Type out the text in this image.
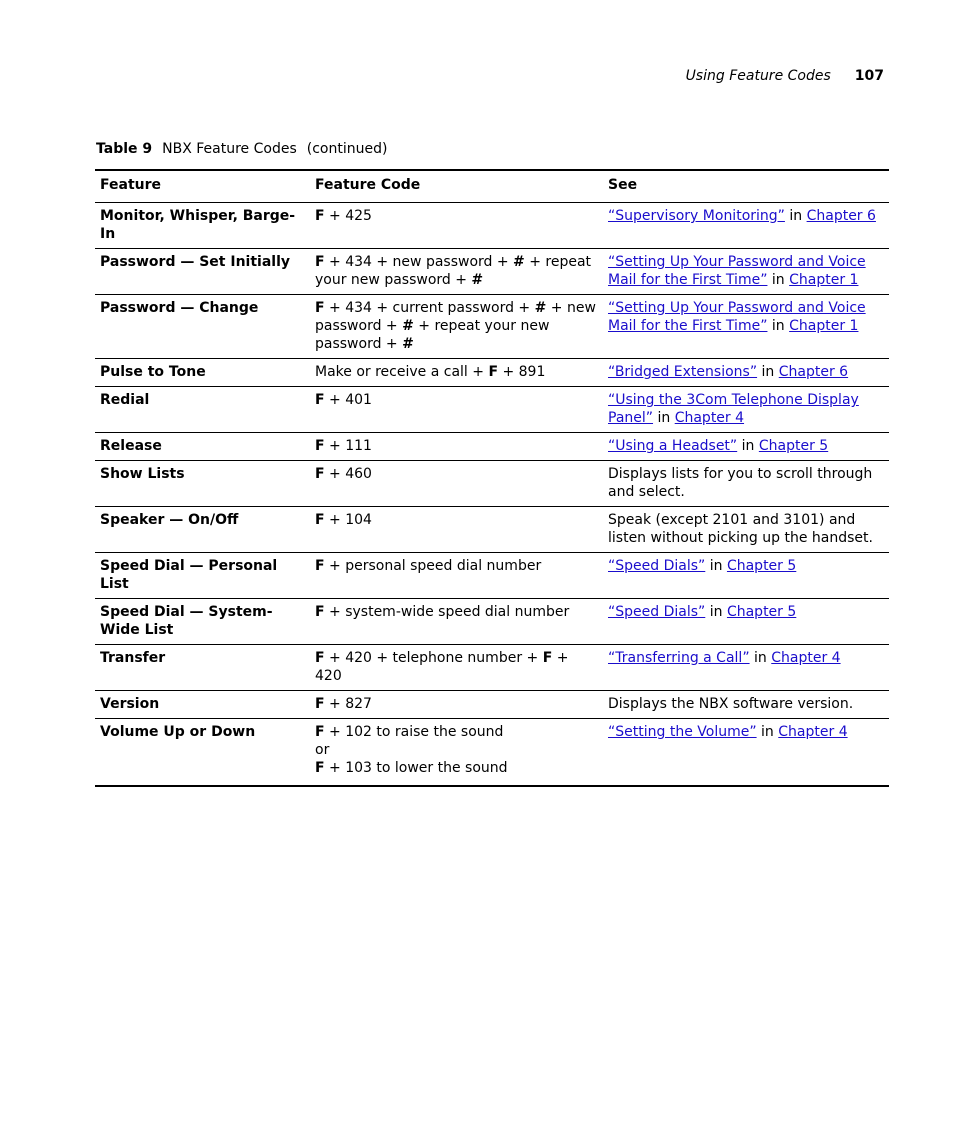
Using Feature Codes 107
Table 9 NBX Feature Codes (continued)
Feature	Feature Code	See
Monitor, Whisper, Barge-In	F + 425	“Supervisory Monitoring” in Chapter 6
Password — Set Initially	F + 434 + new password + # + repeat your new password + #	“Setting Up Your Password and Voice Mail for the First Time” in Chapter 1
Password — Change	F + 434 + current password + # + new password + # + repeat your new password + #	“Setting Up Your Password and Voice Mail for the First Time” in Chapter 1
Pulse to Tone	Make or receive a call + F + 891	“Bridged Extensions” in Chapter 6
Redial	F + 401	“Using the 3Com Telephone Display Panel” in Chapter 4
Release	F + 111	“Using a Headset” in Chapter 5
Show Lists	F + 460	Displays lists for you to scroll through and select.
Speaker — On/Off	F + 104	Speak (except 2101 and 3101) and listen without picking up the handset.
Speed Dial — Personal List	F + personal speed dial number	“Speed Dials” in Chapter 5
Speed Dial — System-Wide List	F + system-wide speed dial number	“Speed Dials” in Chapter 5
Transfer	F + 420 + telephone number + F + 420	“Transferring a Call” in Chapter 4
Version	F + 827	Displays the NBX software version.
Volume Up or Down	F + 102 to raise the sound
or
F + 103 to lower the sound	“Setting the Volume” in Chapter 4
